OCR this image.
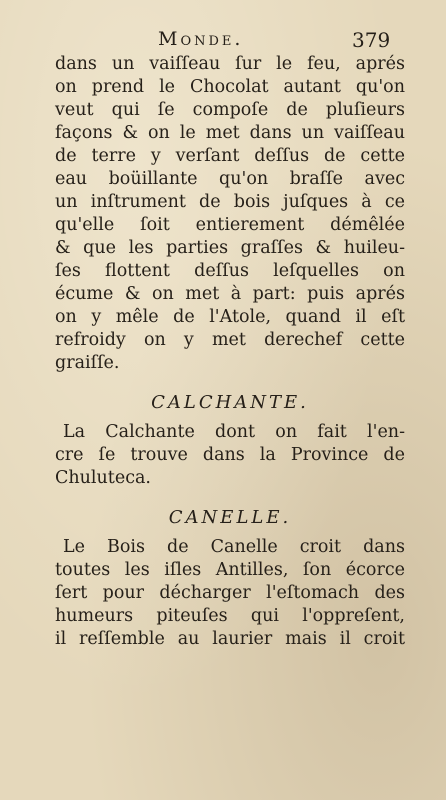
Monde.	379
dans un vaiſſeau ſur le feu, aprés
on prend le Chocolat autant qu'on
veut qui ſe compoſe de pluſieurs
façons & on le met dans un vaiſſeau
de terre y verſant deſſus de cette
eau boüillante qu'on braſſe avec
un inſtrument de bois juſques à ce
qu'elle ſoit entierement démêlée
& que les parties graſſes & huileu-
ſes flottent deſſus leſquelles on
écume & on met à part: puis aprés
on y mêle de l'Atole, quand il eſt
refroidy on y met derechef cette
graiſſe.
CALCHANTE.
La Calchante dont on fait l'en-
cre ſe trouve dans la Province de
Chuluteca.
CANELLE.
Le Bois de Canelle croit dans
toutes les iſles Antilles, ſon écorce
ſert pour décharger l'eſtomach des
humeurs piteuſes qui l'oppreſent,
il reſſemble au laurier mais il croit
